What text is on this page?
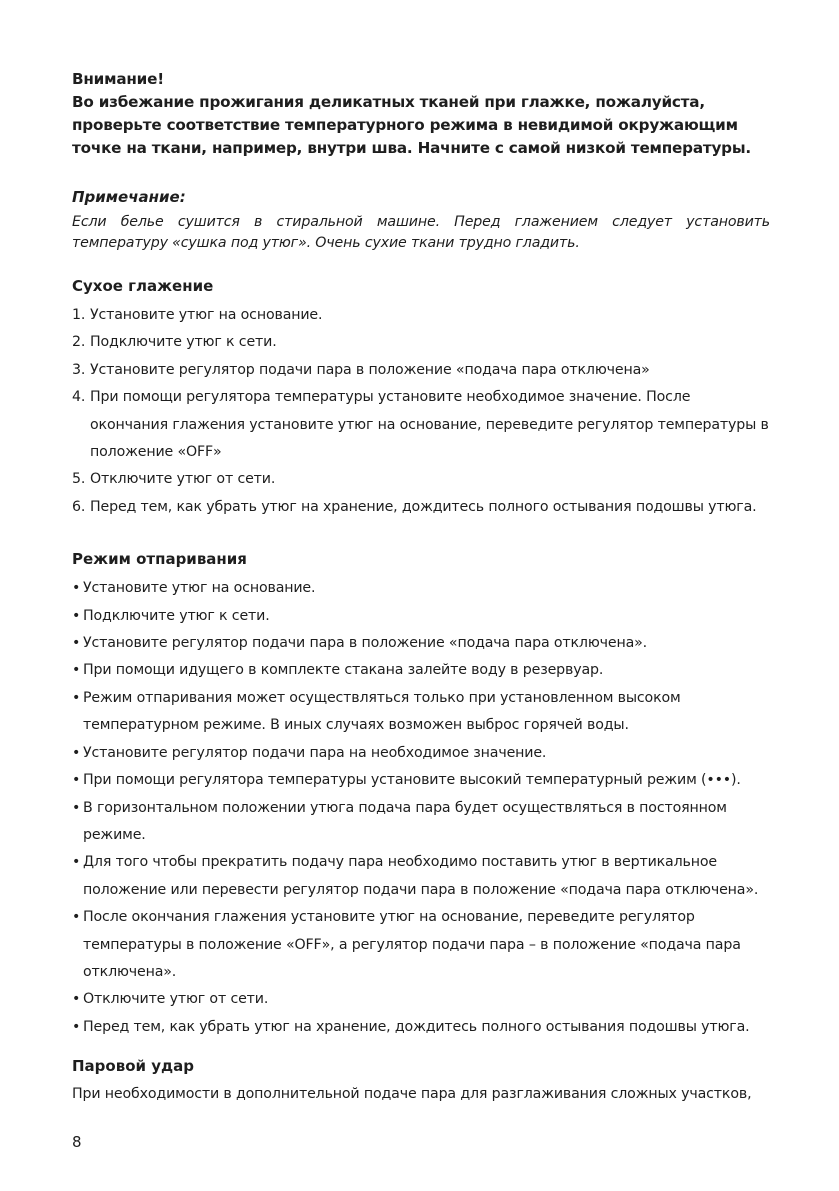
Внимание!
Во избежание прожигания деликатных тканей при глажке, пожалуйста, проверьте соответствие температурного режима в невидимой окружающим точке на ткани, например, внутри шва. Начните с самой низкой температуры.

Примечание:

Если белье сушится в стиральной машине. Перед глажением следует установить температуру «сушка под утюг». Очень сухие ткани трудно гладить.

Сухое глажение
1. Установите утюг на основание.
2. Подключите утюг к сети.
3. Установите регулятор подачи пара в положение «подача пара отключена»
4. При помощи регулятора температуры установите необходимое значение. После окончания глажения установите утюг на основание, переведите регулятор температуры в положение «OFF»
5. Отключите утюг от сети.
6. Перед тем, как убрать утюг на хранение, дождитесь полного остывания подошвы утюга.
Режим отпаривания
• Установите утюг на основание.
• Подключите утюг к сети.
• Установите регулятор подачи пара в положение «подача пара отключена».
• При помощи идущего в комплекте стакана залейте воду в резервуар.
• Режим отпаривания может осуществляться только при установленном высоком температурном режиме. В иных случаях возможен выброс горячей воды.
• Установите регулятор подачи пара на необходимое значение.
• При помощи регулятора температуры установите высокий температурный режим (•••).
• В горизонтальном положении утюга подача пара будет осуществляться в постоянном режиме.
• Для того чтобы прекратить подачу пара необходимо поставить утюг в вертикальное положение или перевести регулятор подачи пара в положение «подача пара отключена».
• После окончания глажения установите утюг на основание, переведите регулятор температуры в положение «OFF», а регулятор подачи пара – в положение «подача пара отключена».
• Отключите утюг от сети.
• Перед тем, как убрать утюг на хранение, дождитесь полного остывания подошвы утюга.
Паровой удар

При необходимости в дополнительной подаче пара для разглаживания сложных участков,

8
